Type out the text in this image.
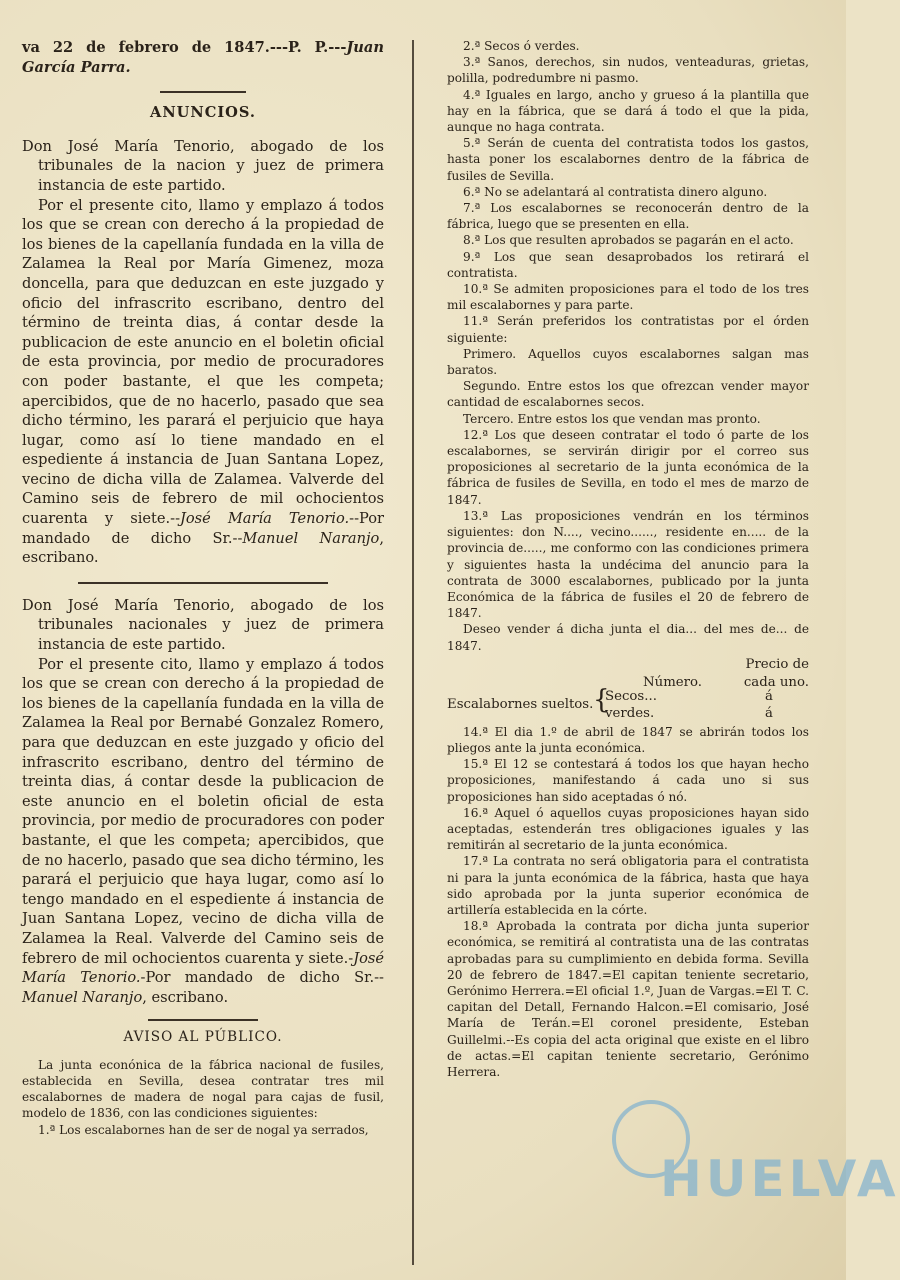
va 22 de febrero de 1847.---P. P.---Juan García Parra.

ANUNCIOS.

Don José María Tenorio, abogado de los tribunales de la nacion y juez de primera instancia de este partido.

Por el presente cito, llamo y emplazo á todos los que se crean con derecho á la propiedad de los bienes de la capellanía fundada en la villa de Zalamea la Real por María Gimenez, moza doncella, para que deduzcan en este juzgado y oficio del infrascrito escribano, dentro del término de treinta dias, á contar desde la publicacion de este anuncio en el boletin oficial de esta provincia, por medio de procuradores con poder bastante, el que les competa; apercibidos, que de no hacerlo, pasado que sea dicho término, les parará el perjuicio que haya lugar, como así lo tiene mandado en el espediente á instancia de Juan Santana Lopez, vecino de dicha villa de Zalamea. Valverde del Camino seis de febrero de mil ochocientos cuarenta y siete.--José María Tenorio.--Por mandado de dicho Sr.--Manuel Naranjo, escribano.

Don José María Tenorio, abogado de los tribunales nacionales y juez de primera instancia de este partido.

Por el presente cito, llamo y emplazo á todos los que se crean con derecho á la propiedad de los bienes de la capellanía fundada en la villa de Zalamea la Real por Bernabé Gonzalez Romero, para que deduzcan en este juzgado y oficio del infrascrito escribano, dentro del término de treinta dias, á contar desde la publicacion de este anuncio en el boletin oficial de esta provincia, por medio de procuradores con poder bastante, el que les competa; apercibidos, que de no hacerlo, pasado que sea dicho término, les parará el perjuicio que haya lugar, como así lo tengo mandado en el espediente á instancia de Juan Santana Lopez, vecino de dicha villa de Zalamea la Real. Valverde del Camino seis de febrero de mil ochocientos cuarenta y siete.-José María Tenorio.-Por mandado de dicho Sr.--Manuel Naranjo, escribano.

AVISO AL PÚBLICO.

La junta econónica de la fábrica nacional de fusiles, establecida en Sevilla, desea contratar tres mil escalabornes de madera de nogal para cajas de fusil, modelo de 1836, con las condiciones siguientes:

1.ª Los escalabornes han de ser de nogal ya serrados,

2.ª Secos ó verdes.

3.ª Sanos, derechos, sin nudos, venteaduras, grietas, polilla, podredumbre ni pasmo.

4.ª Iguales en largo, ancho y grueso á la plantilla que hay en la fábrica, que se dará á todo el que la pida, aunque no haga contrata.

5.ª Serán de cuenta del contratista todos los gastos, hasta poner los escalabornes dentro de la fábrica de fusiles de Sevilla.

6.ª No se adelantará al contratista dinero alguno.

7.ª Los escalabornes se reconocerán dentro de la fábrica, luego que se presenten en ella.

8.ª Los que resulten aprobados se pagarán en el acto.

9.ª Los que sean desaprobados los retirará el contratista.

10.ª Se admiten proposiciones para el todo de los tres mil escalabornes y para parte.

11.ª Serán preferidos los contratistas por el órden siguiente:

Primero. Aquellos cuyos escalabornes salgan mas baratos.

Segundo. Entre estos los que ofrezcan vender mayor cantidad de escalabornes secos.

Tercero. Entre estos los que vendan mas pronto.

12.ª Los que deseen contratar el todo ó parte de los escalabornes, se servirán dirigir por el correo sus proposiciones al secretario de la junta económica de la fábrica de fusiles de Sevilla, en todo el mes de marzo de 1847.

13.ª Las proposiciones vendrán en los términos siguientes: don N...., vecino......, residente en..... de la provincia de....., me conformo con las condiciones primera y siguientes hasta la undécima del anuncio para la contrata de 3000 escalabornes, publicado por la junta Económica de la fábrica de fusiles el 20 de febrero de 1847.

Deseo vender á dicha junta el dia... del mes de... de 1847.

Precio de
Número.	cada uno.
Escalabornes sueltos. {
Secos...
verdes.
á
á

14.ª El dia 1.º de abril de 1847 se abrirán todos los pliegos ante la junta económica.

15.ª El 12 se contestará á todos los que hayan hecho proposiciones, manifestando á cada uno si sus proposiciones han sido aceptadas ó nó.

16.ª Aquel ó aquellos cuyas proposiciones hayan sido aceptadas, estenderán tres obligaciones iguales y las remitirán al secretario de la junta económica.

17.ª La contrata no será obligatoria para el contratista ni para la junta económica de la fábrica, hasta que haya sido aprobada por la junta superior económica de artillería establecida en la córte.

18.ª Aprobada la contrata por dicha junta superior económica, se remitirá al contratista una de las contratas aprobadas para su cumplimiento en debida forma. Sevilla 20 de febrero de 1847.=El capitan teniente secretario, Gerónimo Herrera.=El oficial 1.º, Juan de Vargas.=El T. C. capitan del Detall, Fernando Halcon.=El comisario, José María de Terán.=El coronel presidente, Esteban Guillelmi.--Es copia del acta original que existe en el libro de actas.=El capitan teniente secretario, Gerónimo Herrera.

HUELVA
